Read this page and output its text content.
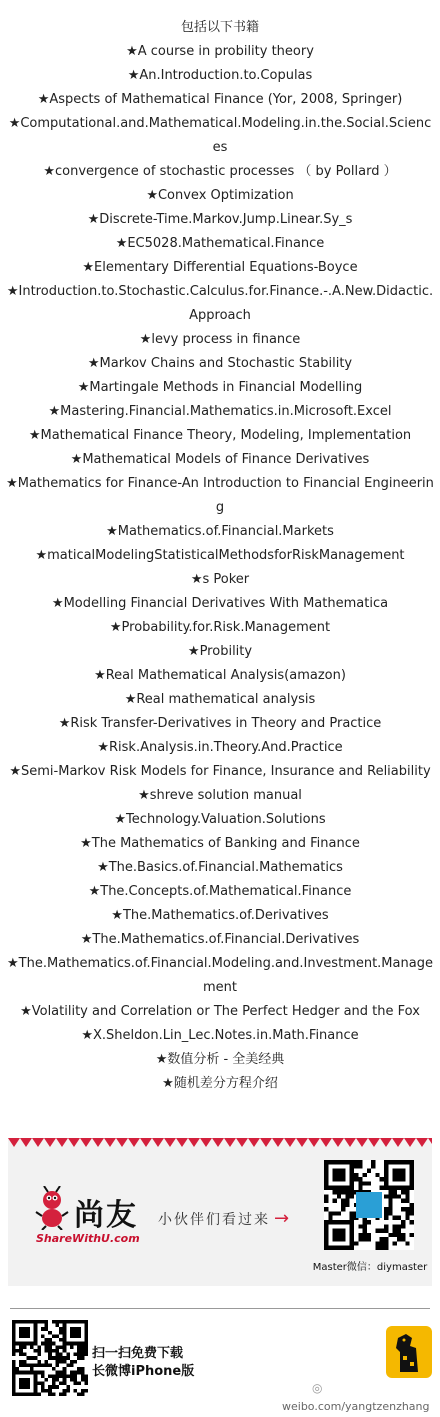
包括以下书籍
★A course in probility theory
★An.Introduction.to.Copulas
★Aspects of Mathematical Finance (Yor, 2008, Springer)
★Computational.and.Mathematical.Modeling.in.the.Social.Sciences
★convergence of stochastic processes （ by Pollard ）
★Convex Optimization
★Discrete-Time.Markov.Jump.Linear.Sy_s
★EC5028.Mathematical.Finance
★Elementary Differential Equations-Boyce
★Introduction.to.Stochastic.Calculus.for.Finance.-.A.New.Didactic.Approach
★levy process in finance
★Markov Chains and Stochastic Stability
★Martingale Methods in Financial Modelling
★Mastering.Financial.Mathematics.in.Microsoft.Excel
★Mathematical Finance Theory, Modeling, Implementation
★Mathematical Models of Finance Derivatives
★Mathematics for Finance-An Introduction to Financial Engineering
★Mathematics.of.Financial.Markets
★maticalModelingStatisticalMethodsforRiskManagement
★s Poker
★Modelling Financial Derivatives With Mathematica
★Probability.for.Risk.Management
★Probility
★Real Mathematical Analysis(amazon)
★Real mathematical analysis
★Risk Transfer-Derivatives in Theory and Practice
★Risk.Analysis.in.Theory.And.Practice
★Semi-Markov Risk Models for Finance, Insurance and Reliability
★shreve solution manual
★Technology.Valuation.Solutions
★The Mathematics of Banking and Finance
★The.Basics.of.Financial.Mathematics
★The.Concepts.of.Mathematical.Finance
★The.Mathematics.of.Derivatives
★The.Mathematics.of.Financial.Derivatives
★The.Mathematics.of.Financial.Modeling.and.Investment.Management
★Volatility and Correlation or The Perfect Hedger and the Fox
★X.Sheldon.Lin_Lec.Notes.in.Math.Finance
★数值分析 - 全美经典
★随机差分方程介绍
尚友
ShareWithU.com
小伙伴们看过来 →
Master微信：diymaster
扫一扫免费下载
长微博iPhone版
◎
weibo.com/yangtzenzhang
